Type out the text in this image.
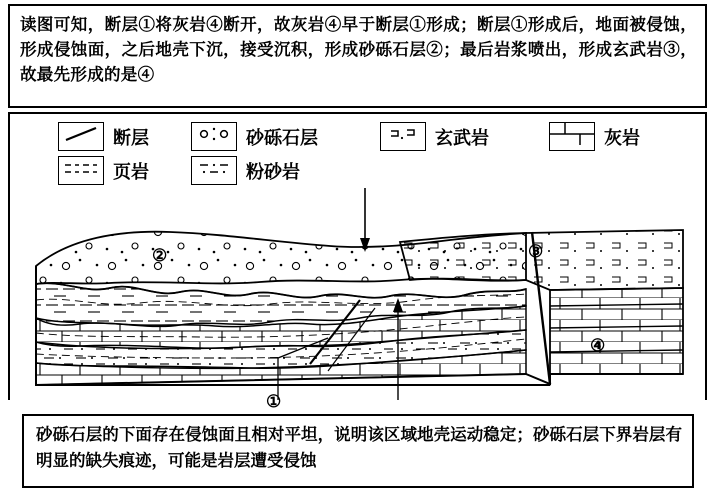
读图可知，断层①将灰岩④断开，故灰岩④早于断层①形成；断层①形成后，地面被侵蚀，形成侵蚀面，之后地壳下沉，接受沉积，形成砂砾石层②；最后岩浆喷出，形成玄武岩③，故最先形成的是④

断层	砂砾石层	玄武岩	灰岩
页岩	粉砂岩
②	③
④
①

砂砾石层的下面存在侵蚀面且相对平坦，说明该区域地壳运动稳定；砂砾石层下界岩层有明显的缺失痕迹，可能是岩层遭受侵蚀
